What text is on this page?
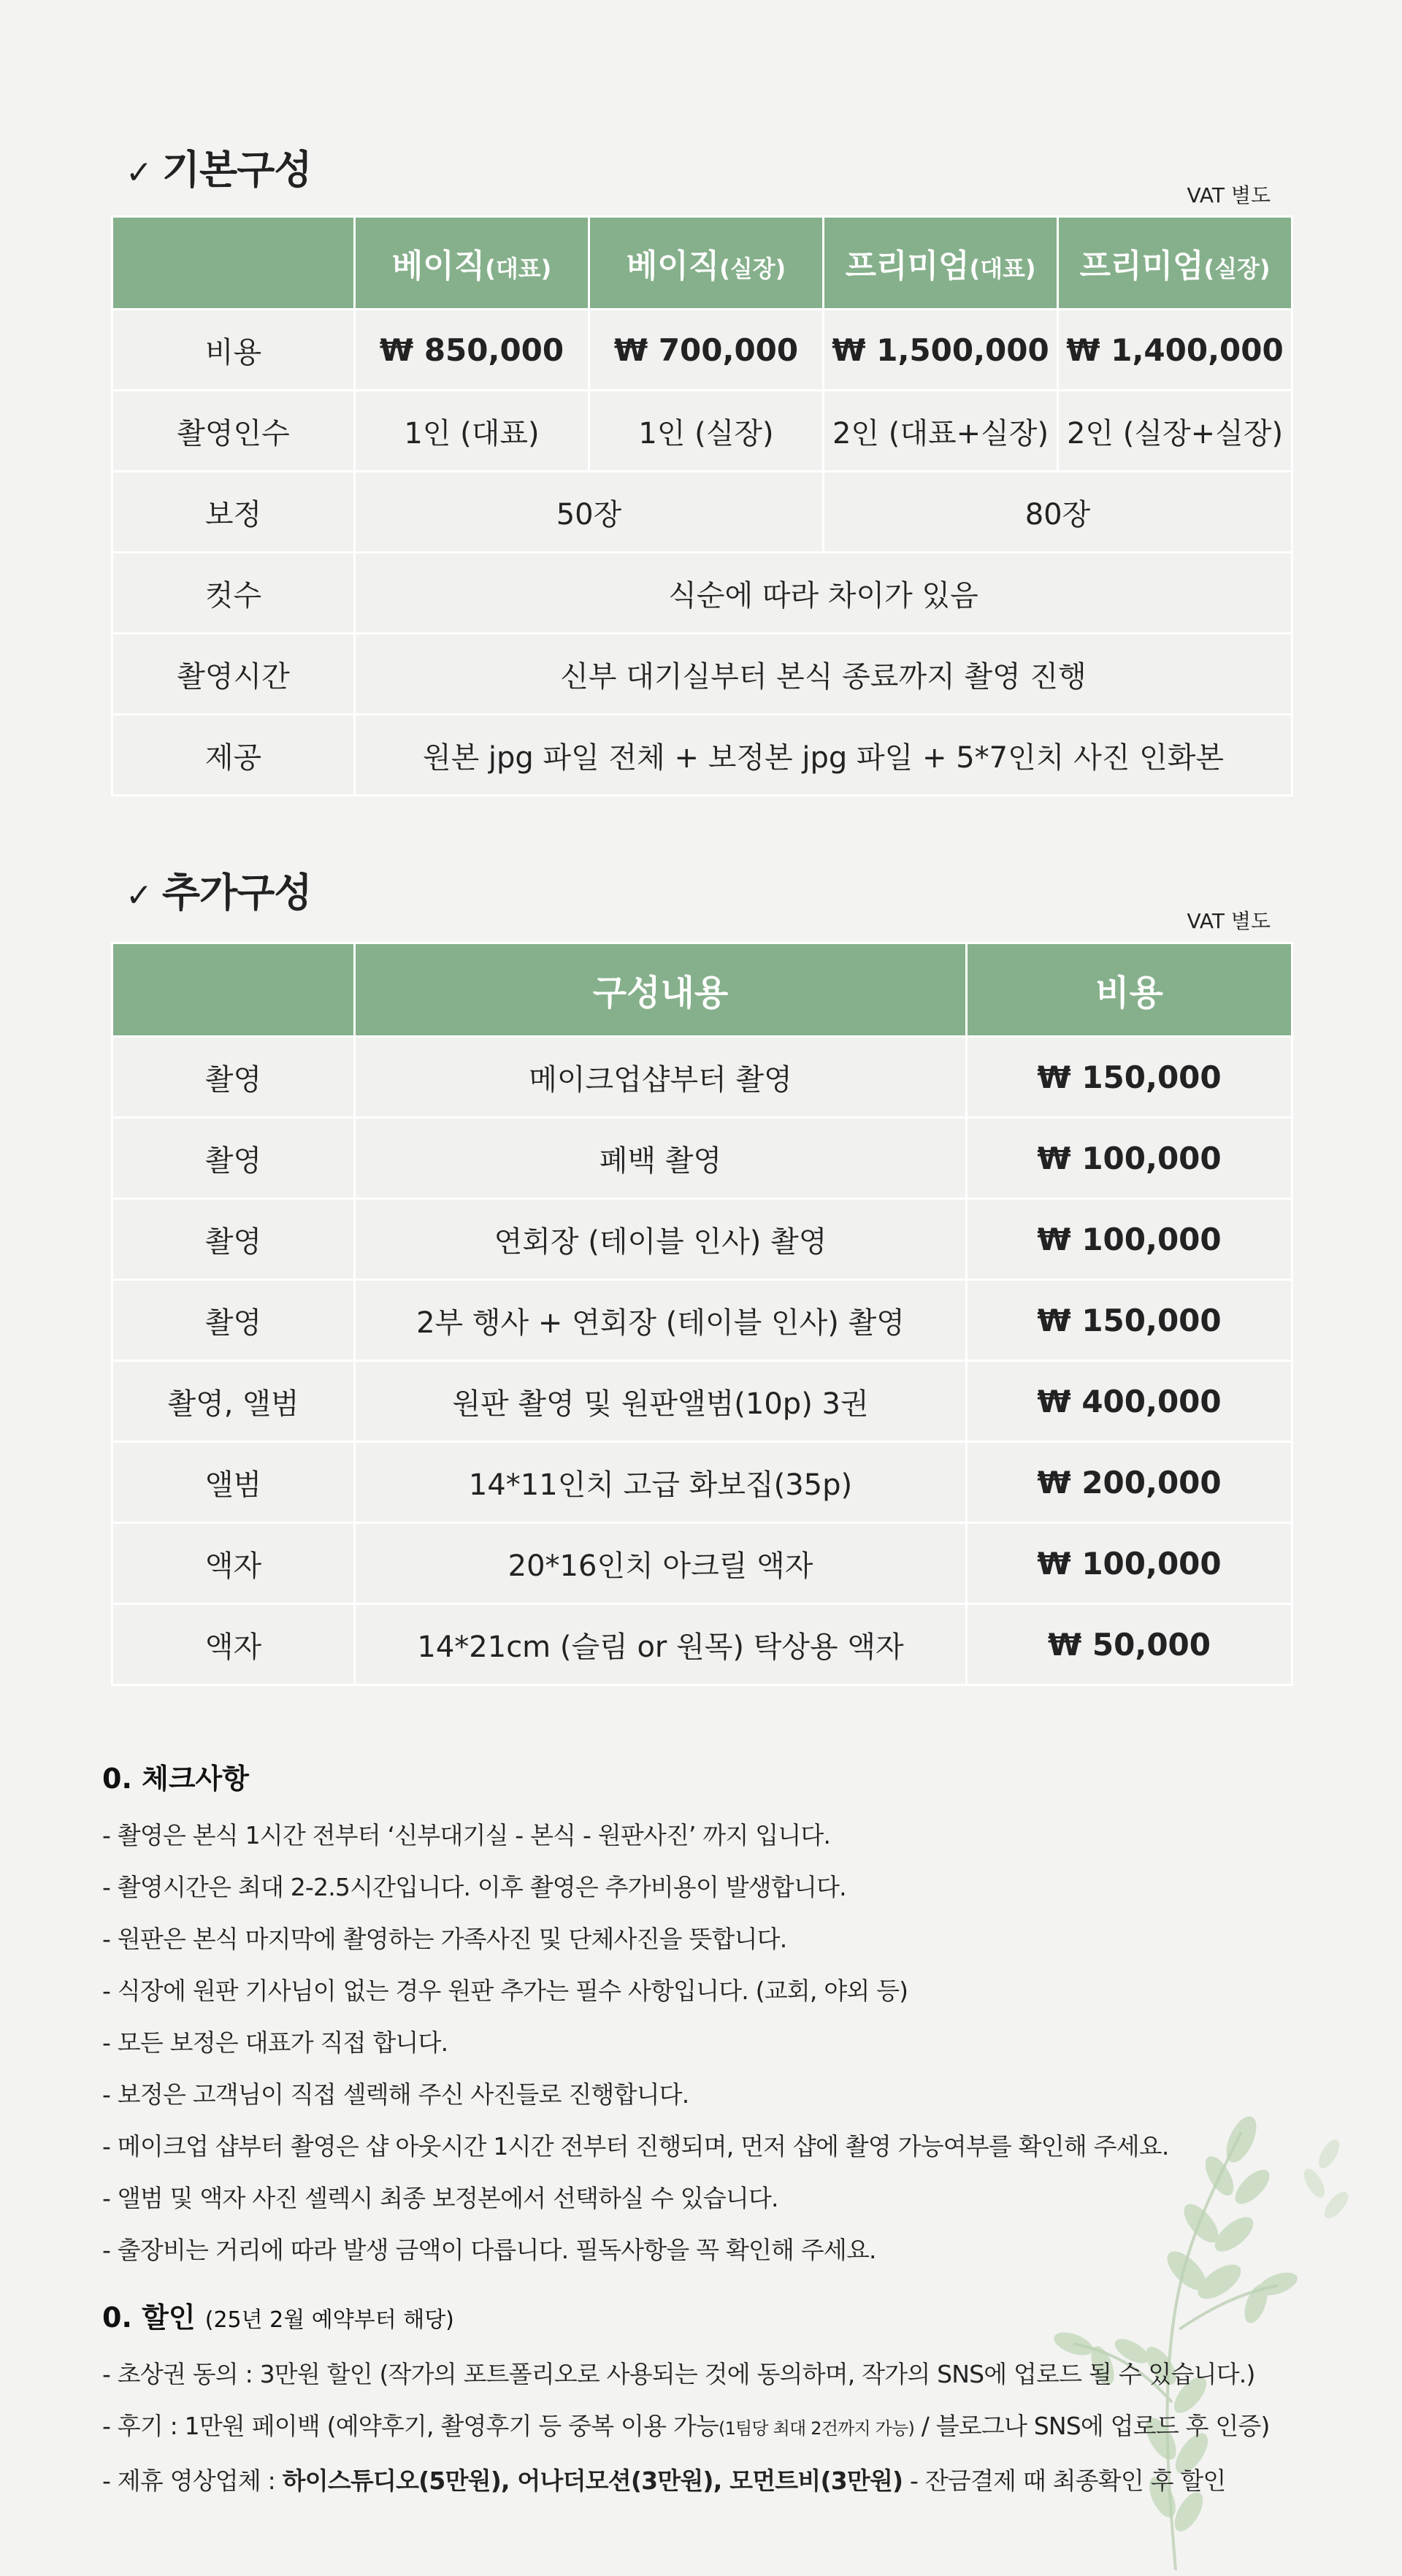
✓ 기본구성
VAT 별도
	베이직(대표)	베이직(실장)	프리미엄(대표)	프리미엄(실장)
비용	₩ 850,000	₩ 700,000	₩ 1,500,000	₩ 1,400,000
촬영인수	1인 (대표)	1인 (실장)	2인 (대표+실장)	2인 (실장+실장)
보정	50장		80장	
컷수	식순에 따라 차이가 있음			
촬영시간	신부 대기실부터 본식 종료까지 촬영 진행			
제공	원본 jpg 파일 전체 + 보정본 jpg 파일 + 5*7인치 사진 인화본			
✓ 추가구성
VAT 별도
	구성내용	비용
촬영	메이크업샵부터 촬영	₩ 150,000
촬영	폐백 촬영	₩ 100,000
촬영	연회장 (테이블 인사) 촬영	₩ 100,000
촬영	2부 행사 + 연회장 (테이블 인사) 촬영	₩ 150,000
촬영, 앨범	원판 촬영 및 원판앨범(10p) 3권	₩ 400,000
앨범	14*11인치 고급 화보집(35p)	₩ 200,000
액자	20*16인치 아크릴 액자	₩ 100,000
액자	14*21cm (슬림 or 원목) 탁상용 액자	₩ 50,000
0. 체크사항
- 촬영은 본식 1시간 전부터 ‘신부대기실 - 본식 - 원판사진’ 까지 입니다.
- 촬영시간은 최대 2-2.5시간입니다. 이후 촬영은 추가비용이 발생합니다.
- 원판은 본식 마지막에 촬영하는 가족사진 및 단체사진을 뜻합니다.
- 식장에 원판 기사님이 없는 경우 원판 추가는 필수 사항입니다. (교회, 야외 등)
- 모든 보정은 대표가 직접 합니다.
- 보정은 고객님이 직접 셀렉해 주신 사진들로 진행합니다.
- 메이크업 샵부터 촬영은 샵 아웃시간 1시간 전부터 진행되며, 먼저 샵에 촬영 가능여부를 확인해 주세요.
- 앨범 및 액자 사진 셀렉시 최종 보정본에서 선택하실 수 있습니다.
- 출장비는 거리에 따라 발생 금액이 다릅니다. 필독사항을 꼭 확인해 주세요.
0. 할인 (25년 2월 예약부터 해당)
- 초상권 동의 : 3만원 할인 (작가의 포트폴리오로 사용되는 것에 동의하며, 작가의 SNS에 업로드 될 수 있습니다.)
- 후기 : 1만원 페이백 (예약후기, 촬영후기 등 중복 이용 가능(1팀당 최대 2건까지 가능) / 블로그나 SNS에 업로드 후 인증)
- 제휴 영상업체 : 하이스튜디오(5만원), 어나더모션(3만원), 모먼트비(3만원) - 잔금결제 때 최종확인 후 할인
